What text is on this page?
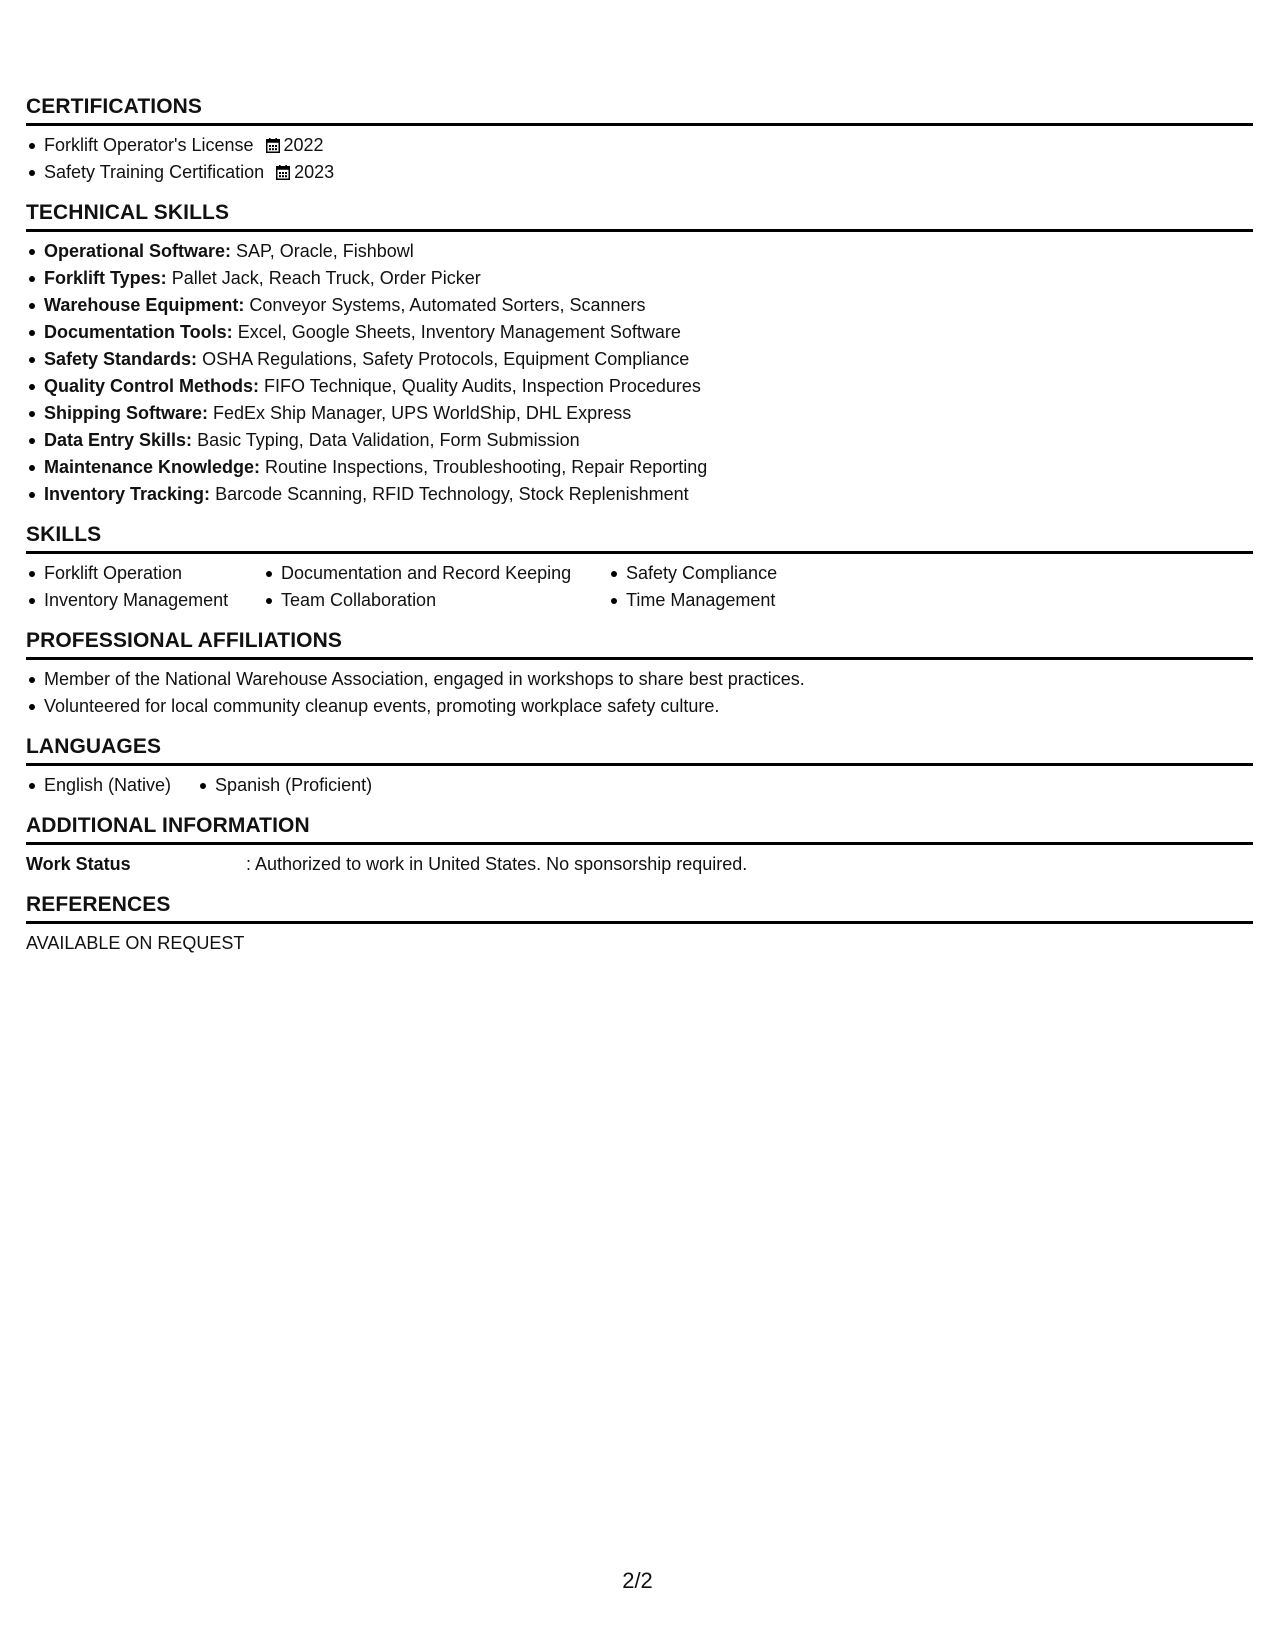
CERTIFICATIONS
Forklift Operator's License 2022
Safety Training Certification 2023
TECHNICAL SKILLS
Operational Software: SAP, Oracle, Fishbowl
Forklift Types: Pallet Jack, Reach Truck, Order Picker
Warehouse Equipment: Conveyor Systems, Automated Sorters, Scanners
Documentation Tools: Excel, Google Sheets, Inventory Management Software
Safety Standards: OSHA Regulations, Safety Protocols, Equipment Compliance
Quality Control Methods: FIFO Technique, Quality Audits, Inspection Procedures
Shipping Software: FedEx Ship Manager, UPS WorldShip, DHL Express
Data Entry Skills: Basic Typing, Data Validation, Form Submission
Maintenance Knowledge: Routine Inspections, Troubleshooting, Repair Reporting
Inventory Tracking: Barcode Scanning, RFID Technology, Stock Replenishment
SKILLS
Forklift Operation
Inventory Management
Documentation and Record Keeping
Team Collaboration
Safety Compliance
Time Management
PROFESSIONAL AFFILIATIONS
Member of the National Warehouse Association, engaged in workshops to share best practices.
Volunteered for local community cleanup events, promoting workplace safety culture.
LANGUAGES
English (Native)	Spanish (Proficient)
ADDITIONAL INFORMATION
Work Status	: Authorized to work in United States. No sponsorship required.
REFERENCES
AVAILABLE ON REQUEST
2/2
